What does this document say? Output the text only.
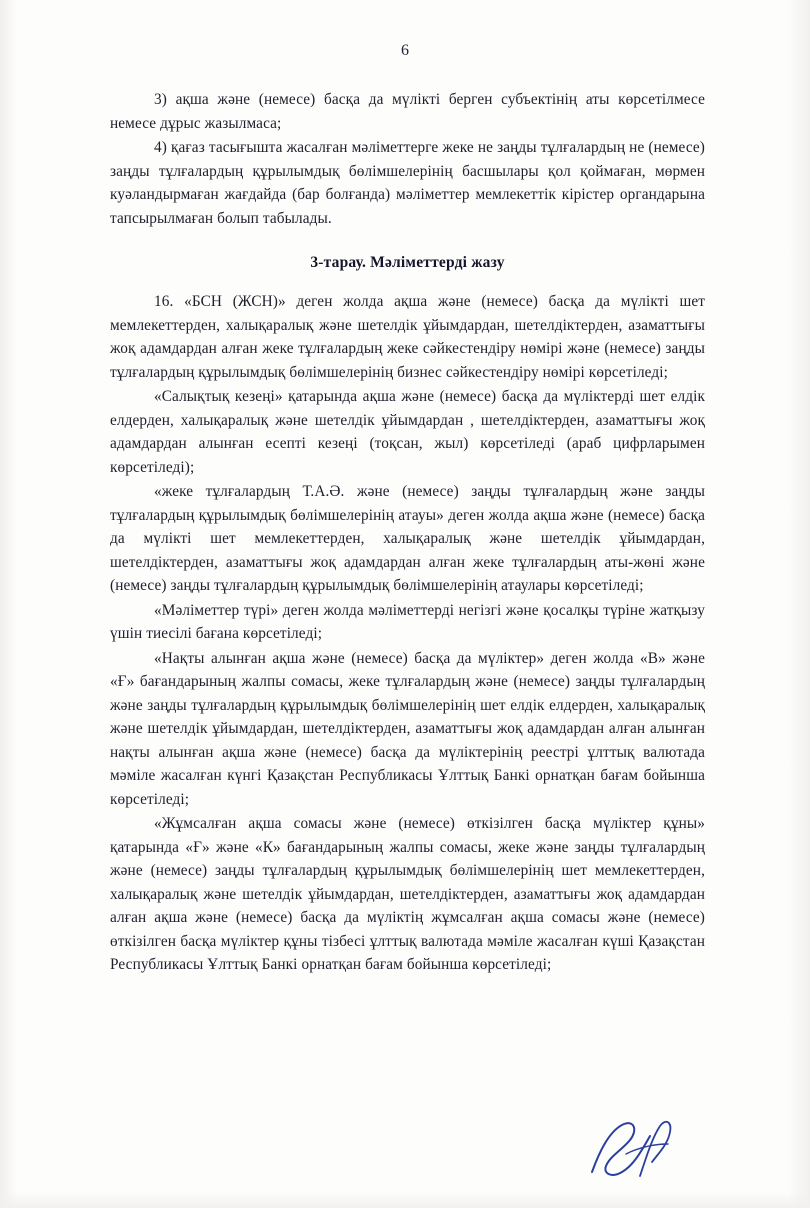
6

3) ақша және (немесе) басқа да мүлікті берген субъектінің аты көрсетілмесе немесе дұрыс жазылмаса;

4) қағаз тасығышта жасалған мәліметтерге жеке не заңды тұлғалардың не (немесе) заңды тұлғалардың құрылымдық бөлімшелерінің басшылары қол қоймаған, мөрмен куәландырмаған жағдайда (бар болғанда) мәліметтер мемлекеттік кірістер органдарына тапсырылмаған болып табылады.

3-тарау. Мәліметтерді жазу

16. «БСН (ЖСН)» деген жолда ақша және (немесе) басқа да мүлікті шет мемлекеттерден, халықаралық және шетелдік ұйымдардан, шетелдіктерден, азаматтығы жоқ адамдардан алған жеке тұлғалардың жеке сәйкестендіру нөмірі және (немесе) заңды тұлғалардың құрылымдық бөлімшелерінің бизнес сәйкестендіру нөмірі көрсетіледі;

«Салықтық кезеңі» қатарында ақша және (немесе) басқа да мүліктерді шет елдік елдерден, халықаралық және шетелдік ұйымдардан , шетелдіктерден, азаматтығы жоқ адамдардан алынған есепті кезеңі (тоқсан, жыл) көрсетіледі (араб цифрларымен көрсетіледі);

«жеке тұлғалардың Т.А.Ә. және (немесе) заңды тұлғалардың және заңды тұлғалардың құрылымдық бөлімшелерінің атауы» деген жолда ақша және (немесе) басқа да мүлікті шет мемлекеттерден, халықаралық және шетелдік ұйымдардан, шетелдіктерден, азаматтығы жоқ адамдардан алған жеке тұлғалардың аты-жөні және (немесе) заңды тұлғалардың құрылымдық бөлімшелерінің атаулары көрсетіледі;

«Мәліметтер түрі» деген жолда мәліметтерді негізгі және қосалқы түріне жатқызу үшін тиесілі бағана көрсетіледі;

«Нақты алынған ақша және (немесе) басқа да мүліктер» деген жолда «В» және «Ғ» бағандарының жалпы сомасы, жеке тұлғалардың және (немесе) заңды тұлғалардың және заңды тұлғалардың құрылымдық бөлімшелерінің шет елдік елдерден, халықаралық және шетелдік ұйымдардан, шетелдіктерден, азаматтығы жоқ адамдардан алған алынған нақты алынған ақша және (немесе) басқа да мүліктерінің реестрі ұлттық валютада мәміле жасалған күнгі Қазақстан Республикасы Ұлттық Банкі орнатқан бағам бойынша көрсетіледі;

«Жұмсалған ақша сомасы және (немесе) өткізілген басқа мүліктер құны» қатарында «Ғ» және «К» бағандарының жалпы сомасы, жеке және заңды тұлғалардың және (немесе) заңды тұлғалардың құрылымдық бөлімшелерінің шет мемлекеттерден, халықаралық және шетелдік ұйымдардан, шетелдіктерден, азаматтығы жоқ адамдардан алған ақша және (немесе) басқа да мүліктің жұмсалған ақша сомасы және (немесе) өткізілген басқа мүліктер құны тізбесі ұлттық валютада мәміле жасалған күші Қазақстан Республикасы Ұлттық Банкі орнатқан бағам бойынша көрсетіледі;
